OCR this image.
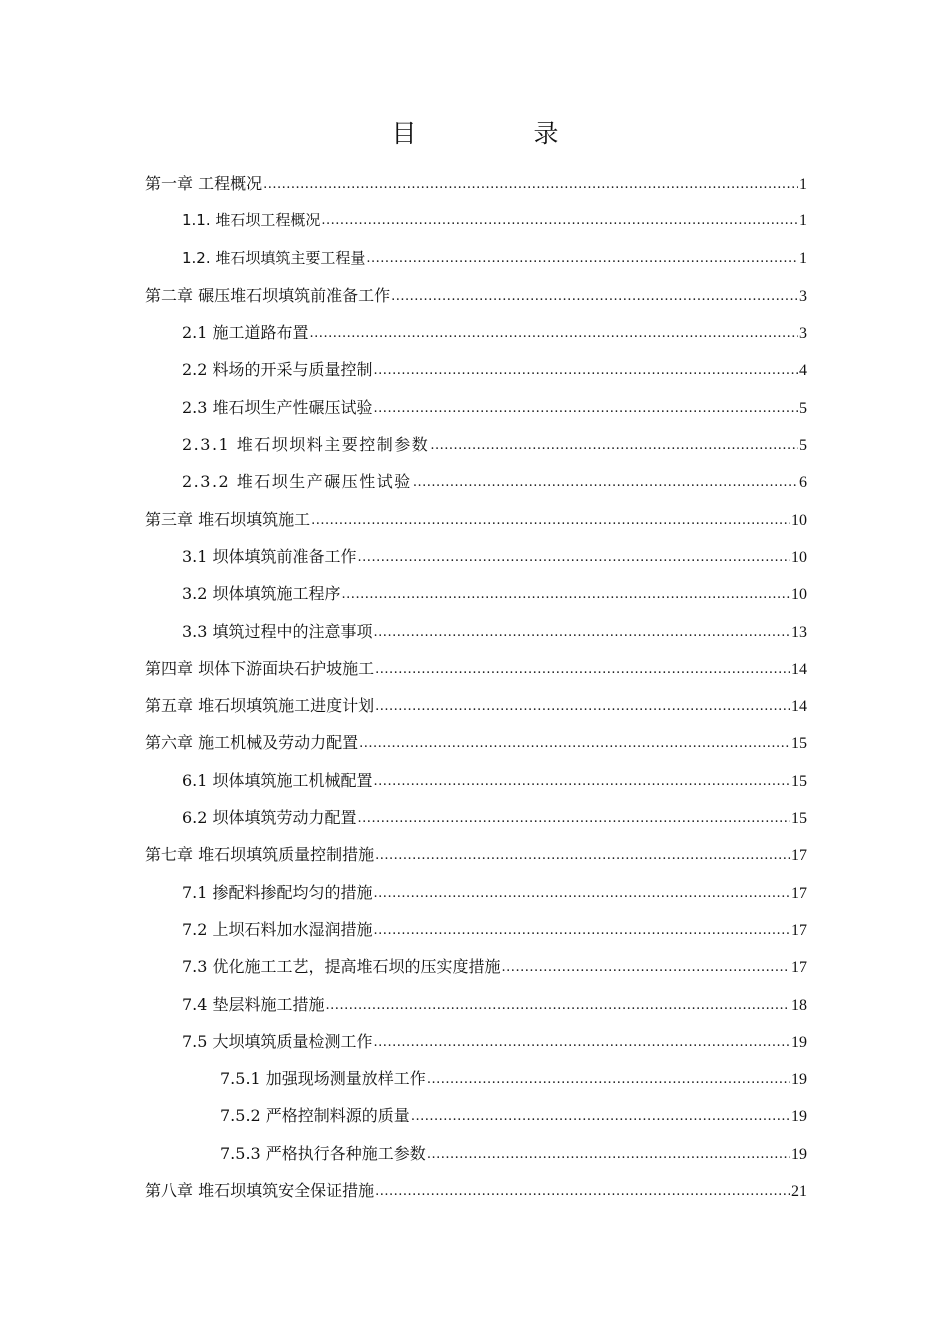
目　录
第一章 工程概况 .....	1
1.1. 堆石坝工程概况 .....	1
1.2. 堆石坝填筑主要工程量 .....	1
第二章 碾压堆石坝填筑前准备工作 .....	3
2.1 施工道路布置 .....	3
2.2 料场的开采与质量控制 .....	4
2.3 堆石坝生产性碾压试验 .....	5
2.3.1 堆石坝坝料主要控制参数 .....	5
2.3.2 堆石坝生产碾压性试验 .....	6
第三章 堆石坝填筑施工 .....	10
3.1 坝体填筑前准备工作 .....	10
3.2 坝体填筑施工程序 .....	10
3.3 填筑过程中的注意事项 .....	13
第四章 坝体下游面块石护坡施工 .....	14
第五章 堆石坝填筑施工进度计划 .....	14
第六章 施工机械及劳动力配置 .....	15
6.1 坝体填筑施工机械配置 .....	15
6.2 坝体填筑劳动力配置 .....	15
第七章 堆石坝填筑质量控制措施 .....	17
7.1 掺配料掺配均匀的措施 .....	17
7.2 上坝石料加水湿润措施 .....	17
7.3 优化施工工艺，提高堆石坝的压实度措施 .....	17
7.4 垫层料施工措施 .....	18
7.5 大坝填筑质量检测工作 .....	19
7.5.1 加强现场测量放样工作 .....	19
7.5.2 严格控制料源的质量 .....	19
7.5.3 严格执行各种施工参数 .....	19
第八章 堆石坝填筑安全保证措施 .....	21
